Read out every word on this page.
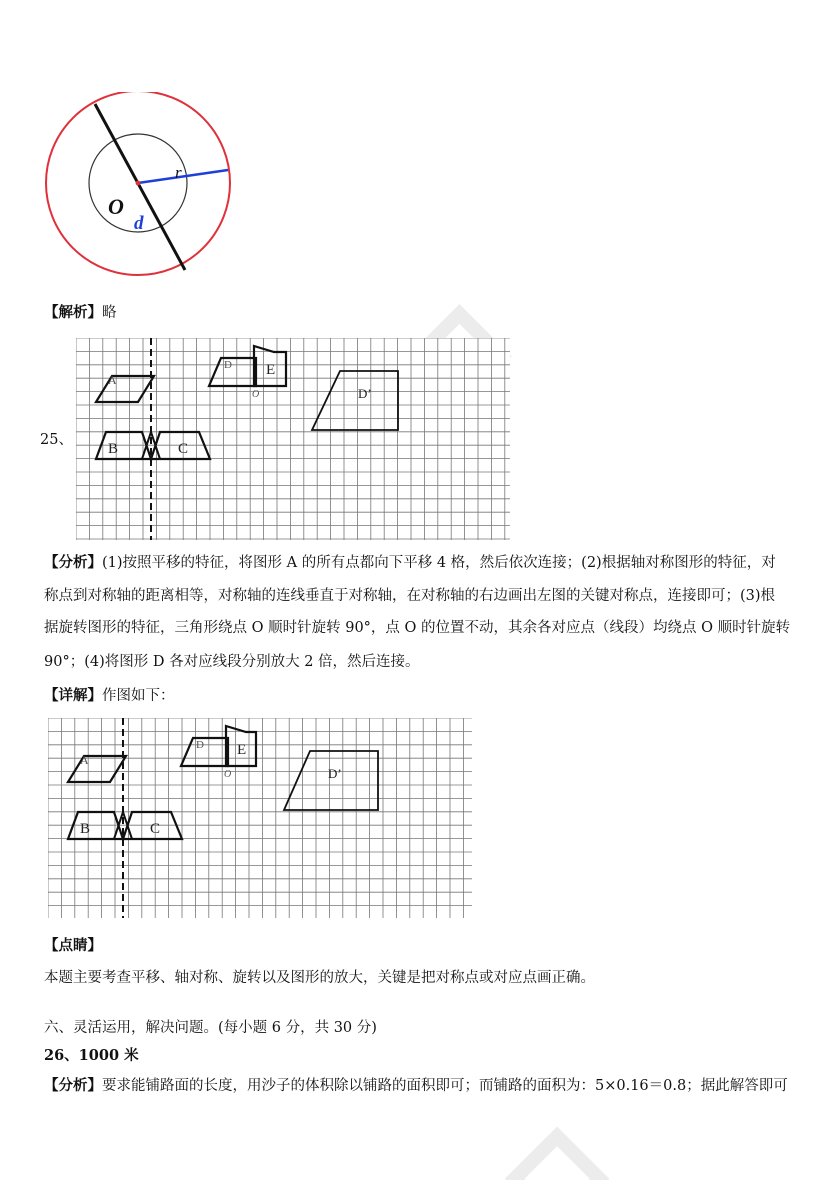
O
d
r
【解析】略
25、
A
B	C
D E
O	D’
【分析】(1)按照平移的特征，将图形 A 的所有点都向下平移 4 格，然后依次连接；(2)根据轴对称图形的特征，对
称点到对称轴的距离相等，对称轴的连线垂直于对称轴，在对称轴的右边画出左图的关键对称点，连接即可；(3)根
据旋转图形的特征，三角形绕点 O 顺时针旋转 90°，点 O 的位置不动，其余各对应点（线段）均绕点 O 顺时针旋转
90°；(4)将图形 D 各对应线段分别放大 2 倍，然后连接。
【详解】作图如下：
A
B	C
D E
O	D’
【点睛】
本题主要考查平移、轴对称、旋转以及图形的放大，关键是把对称点或对应点画正确。
六、灵活运用，解决问题。(每小题 6 分，共 30 分)
26、1000 米
【分析】要求能铺路面的长度，用沙子的体积除以铺路的面积即可；而铺路的面积为：5×0.16＝0.8；据此解答即可
